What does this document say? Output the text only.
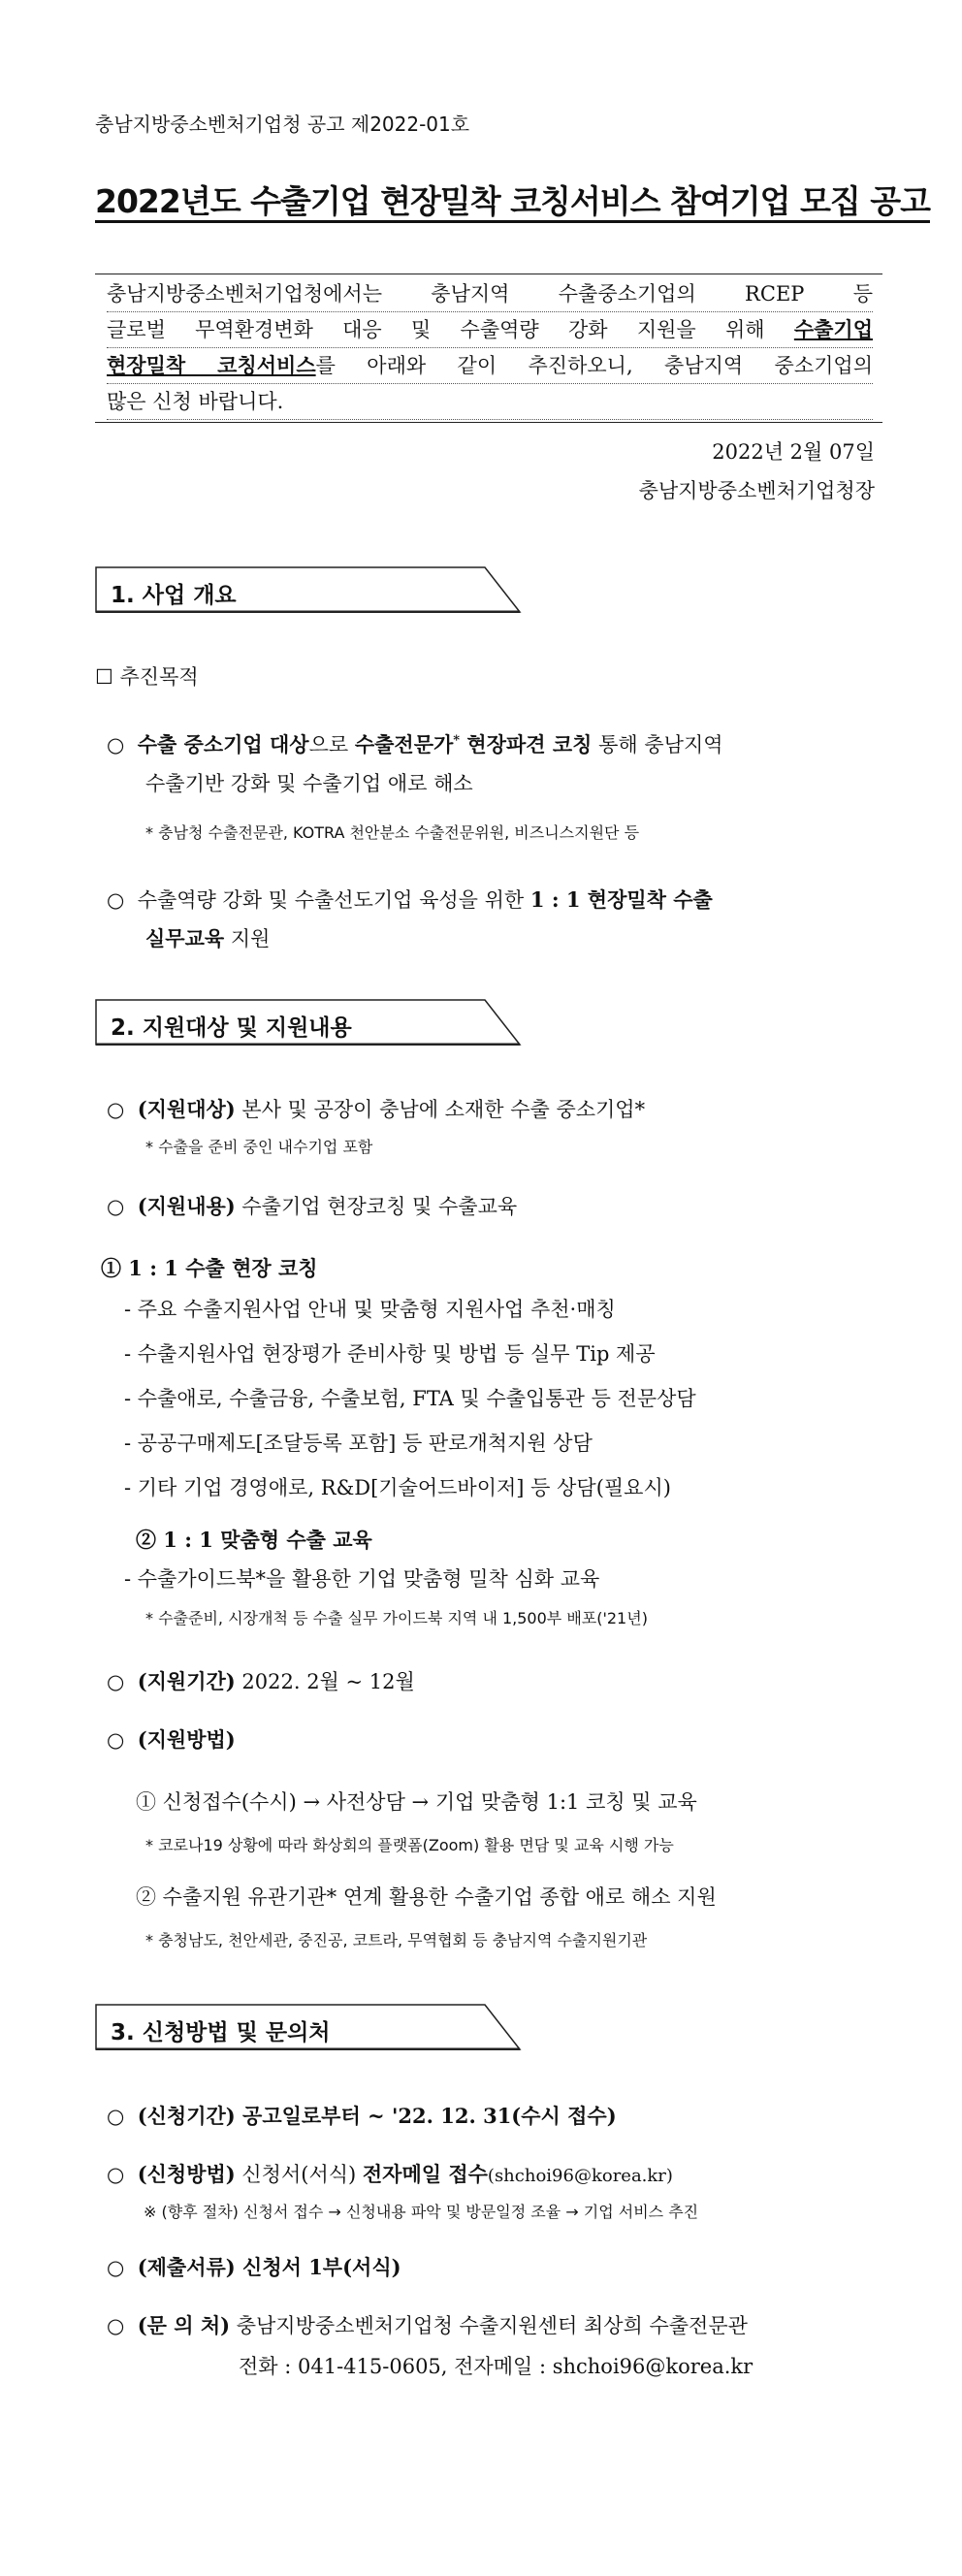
충남지방중소벤처기업청 공고 제2022-01호
2022년도 수출기업 현장밀착 코칭서비스 참여기업 모집 공고
충남지방중소벤처기업청에서는 충남지역 수출중소기업의 RCEP 등
글로벌 무역환경변화 대응 및 수출역량 강화 지원을 위해 수출기업
현장밀착 코칭서비스를 아래와 같이 추진하오니, 충남지역 중소기업의
많은 신청 바랍니다.
2022년 2월 07일
충남지방중소벤처기업청장
1. 사업 개요
☐ 추진목적
○  수출 중소기업 대상으로 수출전문가* 현장파견 코칭 통해 충남지역
수출기반 강화 및 수출기업 애로 해소
* 충남청 수출전문관, KOTRA 천안분소 수출전문위원, 비즈니스지원단 등
○  수출역량 강화 및 수출선도기업 육성을 위한 1 : 1 현장밀착 수출
실무교육 지원
2. 지원대상 및 지원내용
○  (지원대상) 본사 및 공장이 충남에 소재한 수출 중소기업*
* 수출을 준비 중인 내수기업 포함
○  (지원내용) 수출기업 현장코칭 및 수출교육
① 1 : 1 수출 현장 코칭
- 주요 수출지원사업 안내 및 맞춤형 지원사업 추천·매칭
- 수출지원사업 현장평가 준비사항 및 방법 등 실무 Tip 제공
- 수출애로, 수출금융, 수출보험, FTA 및 수출입통관 등 전문상담
- 공공구매제도[조달등록 포함] 등 판로개척지원 상담
- 기타 기업 경영애로, R&D[기술어드바이저] 등 상담(필요시)
② 1 : 1 맞춤형 수출 교육
- 수출가이드북*을 활용한 기업 맞춤형 밀착 심화 교육
* 수출준비, 시장개척 등 수출 실무 가이드북 지역 내 1,500부 배포('21년)
○  (지원기간) 2022. 2월 ~ 12월
○  (지원방법)
① 신청접수(수시) → 사전상담 → 기업 맞춤형 1:1 코칭 및 교육
* 코로나19 상황에 따라 화상회의 플랫폼(Zoom) 활용 면담 및 교육 시행 가능
② 수출지원 유관기관* 연계 활용한 수출기업 종합 애로 해소 지원
* 충청남도, 천안세관, 중진공, 코트라, 무역협회 등 충남지역 수출지원기관
3. 신청방법 및 문의처
○  (신청기간) 공고일로부터 ~ '22. 12. 31(수시 접수)
○  (신청방법) 신청서(서식) 전자메일 접수(shchoi96@korea.kr)
※ (향후 절차) 신청서 접수 → 신청내용 파악 및 방문일정 조율 → 기업 서비스 추진
○  (제출서류) 신청서 1부(서식)
○  (문 의 처) 충남지방중소벤처기업청 수출지원센터 최상희 수출전문관
전화 : 041-415-0605, 전자메일 : shchoi96@korea.kr
